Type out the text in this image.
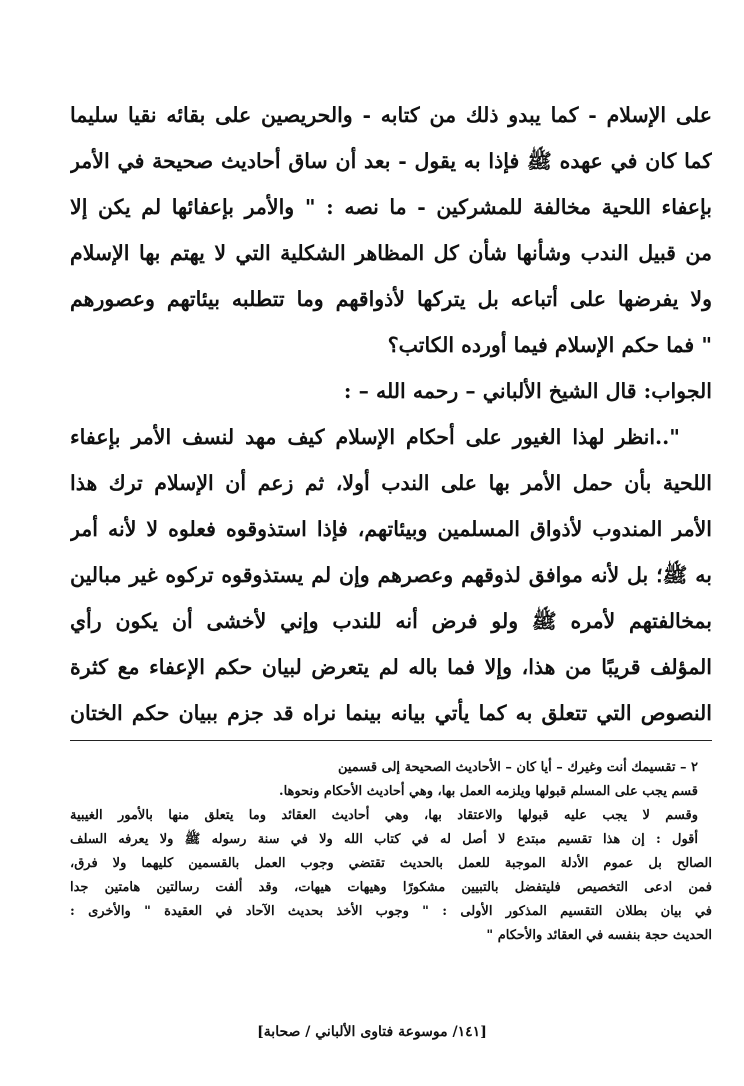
على الإسلام - كما يبدو ذلك من كتابه - والحريصين على بقائه نقيا سليما
كما كان في عهده ﷺ فإذا به يقول - بعد أن ساق أحاديث صحيحة في الأمر
بإعفاء اللحية مخالفة للمشركين - ما نصه : " والأمر بإعفائها لم يكن إلا
من قبيل الندب وشأنها شأن كل المظاهر الشكلية التي لا يهتم بها الإسلام
ولا يفرضها على أتباعه بل يتركها لأذواقهم وما تتطلبه بيئاتهم وعصورهم
" فما حكم الإسلام فيما أورده الكاتب؟
الجواب: قال الشيخ الألباني – رحمه الله – :
"..انظر لهذا الغيور على أحكام الإسلام كيف مهد لنسف الأمر بإعفاء
اللحية بأن حمل الأمر بها على الندب أولا، ثم زعم أن الإسلام ترك هذا
الأمر المندوب لأذواق المسلمين وبيئاتهم، فإذا استذوقوه فعلوه لا لأنه أمر
به ﷺ؛ بل لأنه موافق لذوقهم وعصرهم وإن لم يستذوقوه تركوه غير مبالين
بمخالفتهم لأمره ﷺ ولو فرض أنه للندب وإني لأخشى أن يكون رأي
المؤلف قريبًا من هذا، وإلا فما باله لم يتعرض لبيان حكم الإعفاء مع كثرة
النصوص التي تتعلق به كما يأتي بيانه بينما نراه قد جزم ببيان حكم الختان
٢ – تقسيمك أنت وغيرك – أيا كان – الأحاديث الصحيحة إلى قسمين
قسم يجب على المسلم قبولها ويلزمه العمل بها، وهي أحاديث الأحكام ونحوها.
وقسم لا يجب عليه قبولها والاعتقاد بها، وهي أحاديث العقائد وما يتعلق منها بالأمور الغيبية
أقول : إن هذا تقسيم مبتدع لا أصل له في كتاب الله ولا في سنة رسوله ﷺ ولا يعرفه السلف
الصالح بل عموم الأدلة الموجبة للعمل بالحديث تقتضي وجوب العمل بالقسمين كليهما ولا فرق،
فمن ادعى التخصيص فليتفضل بالتبيين مشكورًا وهيهات هيهات، وقد ألفت رسالتين هامتين جدا
في بيان بطلان التقسيم المذكور الأولى : " وجوب الأخذ بحديث الآحاد في العقيدة " والأخرى :
الحديث حجة بنفسه في العقائد والأحكام "
[١٤١/ موسوعة فتاوى الألباني / صحابة]
